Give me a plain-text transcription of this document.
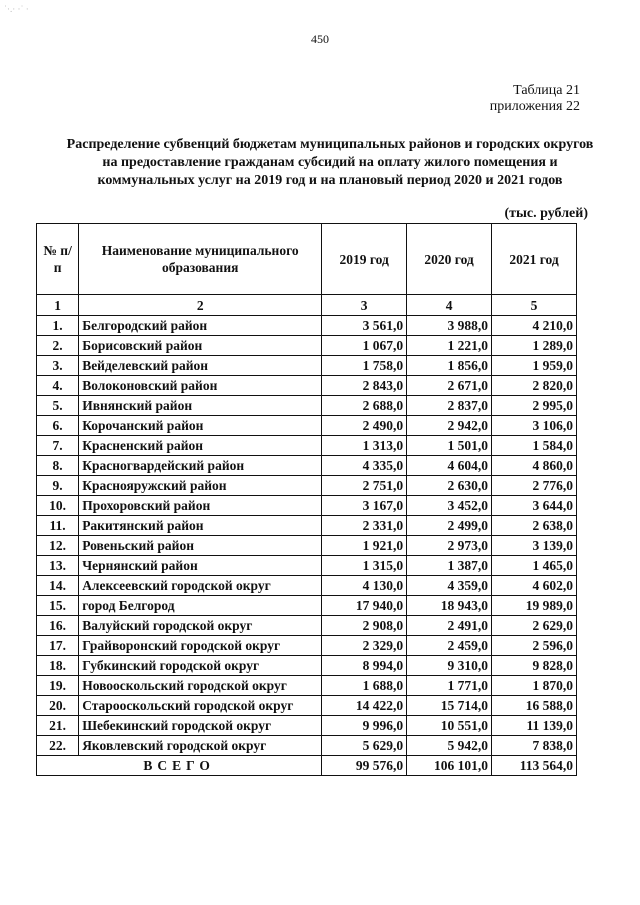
˙·.· ·˙ ·
450
Таблица 21
приложения 22
Распределение субвенций бюджетам муниципальных районов и городских округов на предоставление гражданам субсидий на оплату жилого помещения и коммунальных услуг на 2019 год и на плановый период 2020 и 2021 годов
(тыс. рублей)
№ п/п	Наименование муниципального образования	2019 год	2020 год	2021 год
1	2	3	4	5
1.	Белгородский район	3 561,0	3 988,0	4 210,0
2.	Борисовский район	1 067,0	1 221,0	1 289,0
3.	Вейделевский район	1 758,0	1 856,0	1 959,0
4.	Волоконовский район	2 843,0	2 671,0	2 820,0
5.	Ивнянский район	2 688,0	2 837,0	2 995,0
6.	Корочанский район	2 490,0	2 942,0	3 106,0
7.	Красненский район	1 313,0	1 501,0	1 584,0
8.	Красногвардейский район	4 335,0	4 604,0	4 860,0
9.	Краснояружский район	2 751,0	2 630,0	2 776,0
10.	Прохоровский район	3 167,0	3 452,0	3 644,0
11.	Ракитянский район	2 331,0	2 499,0	2 638,0
12.	Ровеньский район	1 921,0	2 973,0	3 139,0
13.	Чернянский район	1 315,0	1 387,0	1 465,0
14.	Алексеевский городской округ	4 130,0	4 359,0	4 602,0
15.	город Белгород	17 940,0	18 943,0	19 989,0
16.	Валуйский городской округ	2 908,0	2 491,0	2 629,0
17.	Грайворонский городской округ	2 329,0	2 459,0	2 596,0
18.	Губкинский городской округ	8 994,0	9 310,0	9 828,0
19.	Новооскольский городской округ	1 688,0	1 771,0	1 870,0
20.	Старооскольский городской округ	14 422,0	15 714,0	16 588,0
21.	Шебекинский городской округ	9 996,0	10 551,0	11 139,0
22.	Яковлевский городской округ	5 629,0	5 942,0	7 838,0
ВСЕГО		99 576,0	106 101,0	113 564,0
